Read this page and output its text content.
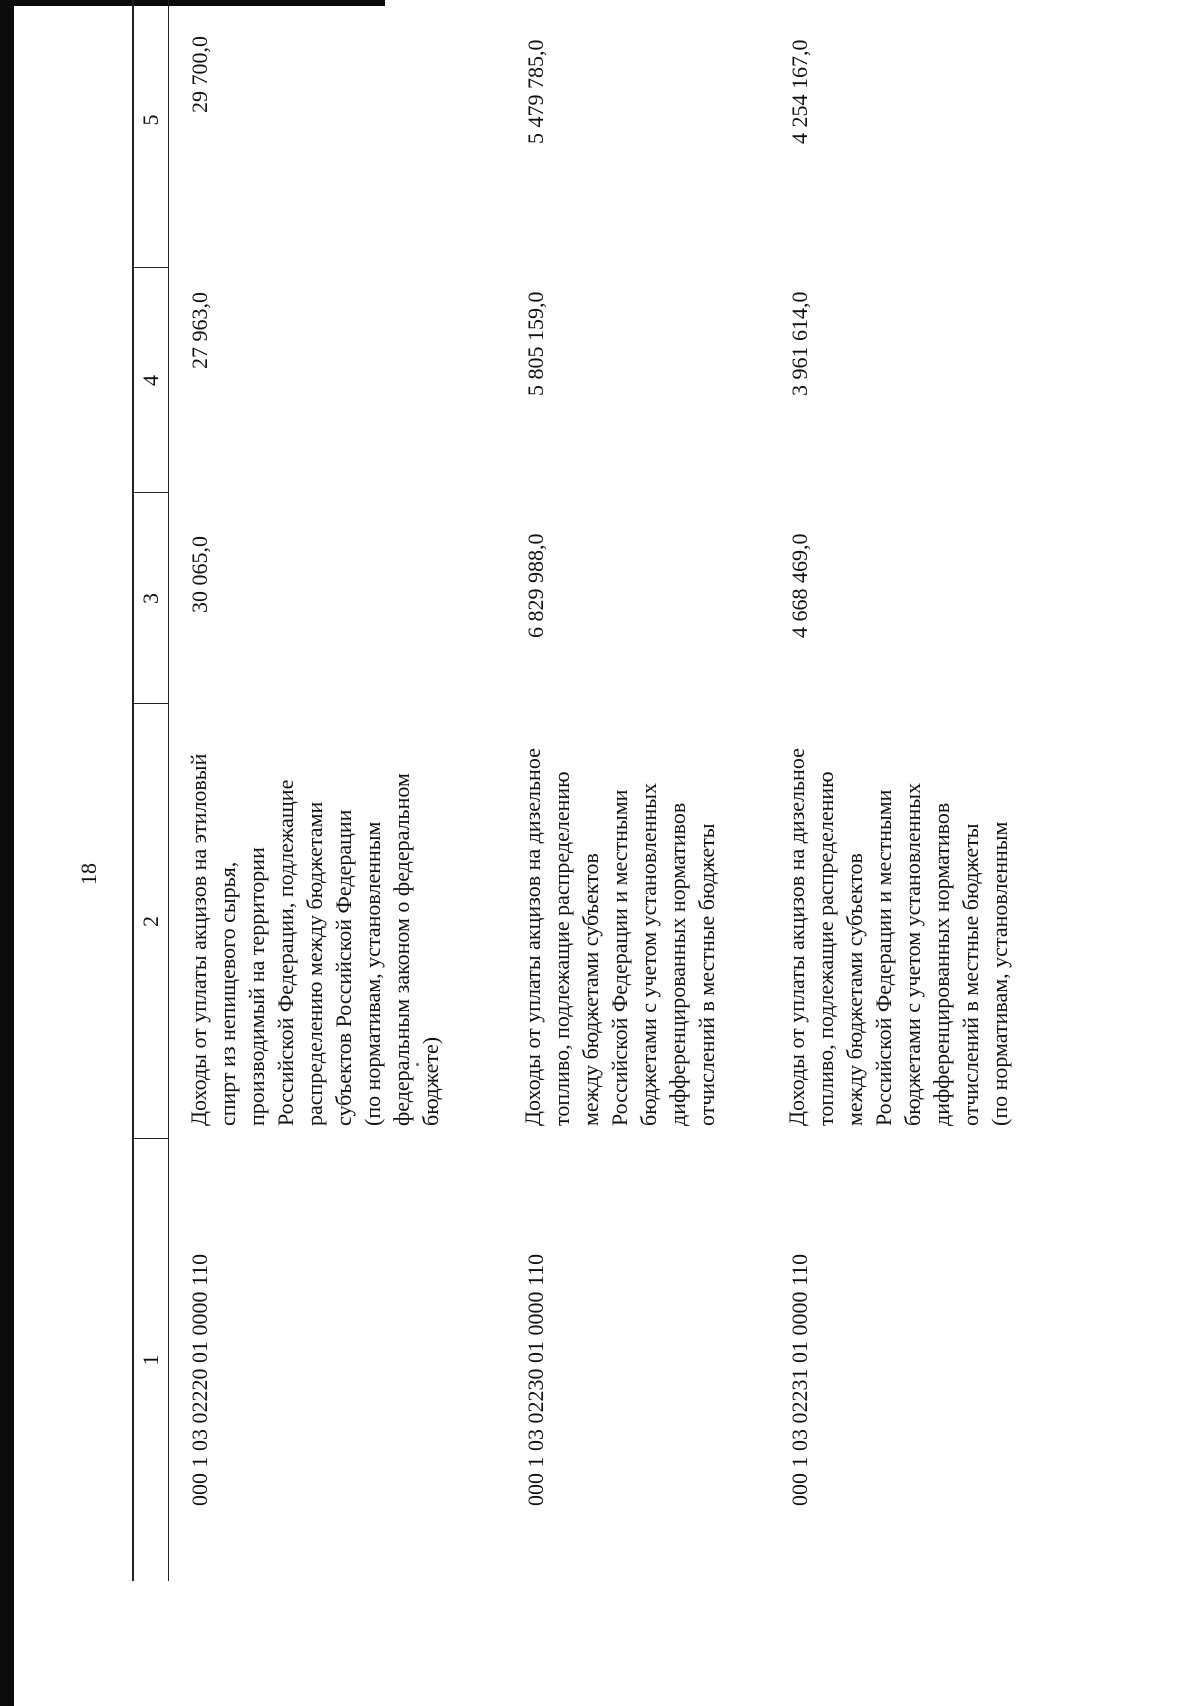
18
1
2
3
4
5
000 1 03 02220 01 0000 110
Доходы от уплаты акцизов на этиловый спирт из непищевого сырья, производимый на территории Российской Федерации, подлежащие распределению между бюджетами субъектов Российской Федерации (по нормативам, установленным федеральным законом о федеральном бюджете)
30 065,0
27 963,0
29 700,0
000 1 03 02230 01 0000 110
Доходы от уплаты акцизов на дизельное топливо, подлежащие распределению между бюджетами субъектов Российской Федерации и местными бюджетами с учетом установленных дифференцированных нормативов отчислений в местные бюджеты
6 829 988,0
5 805 159,0
5 479 785,0
000 1 03 02231 01 0000 110
Доходы от уплаты акцизов на дизельное топливо, подлежащие распределению между бюджетами субъектов Российской Федерации и местными бюджетами с учетом установленных дифференцированных нормативов отчислений в местные бюджеты (по нормативам, установленным
4 668 469,0
3 961 614,0
4 254 167,0
